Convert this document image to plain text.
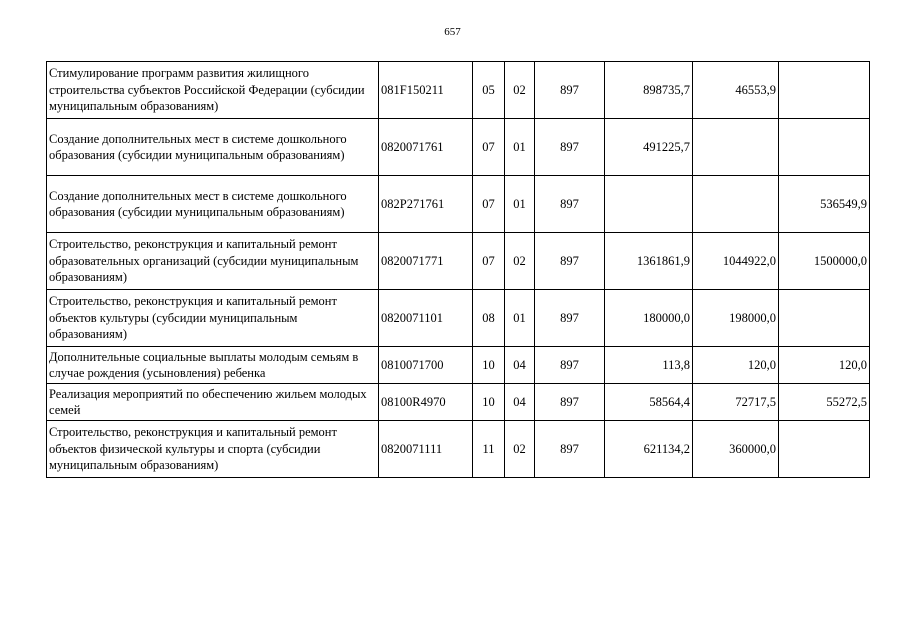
657
Стимулирование программ развития жилищного строительства субъектов Российской Федерации (субсидии муниципальным образованиям)	081F150211	05	02	897	898735,7	46553,9	
Создание дополнительных мест в системе дошкольного образования (субсидии муниципальным образованиям)	0820071761	07	01	897	491225,7		
Создание дополнительных мест в системе дошкольного образования (субсидии муниципальным образованиям)	082P271761	07	01	897			536549,9
Строительство, реконструкция и капитальный ремонт образовательных организаций (субсидии муниципальным образованиям)	0820071771	07	02	897	1361861,9	1044922,0	1500000,0
Строительство, реконструкция и капитальный ремонт объектов культуры (субсидии муниципальным образованиям)	0820071101	08	01	897	180000,0	198000,0	
Дополнительные социальные выплаты молодым семьям в случае рождения (усыновления) ребенка	0810071700	10	04	897	113,8	120,0	120,0
Реализация мероприятий по обеспечению жильем молодых семей	08100R4970	10	04	897	58564,4	72717,5	55272,5
Строительство, реконструкция и капитальный ремонт объектов физической культуры и спорта (субсидии муниципальным образованиям)	0820071111	11	02	897	621134,2	360000,0	
